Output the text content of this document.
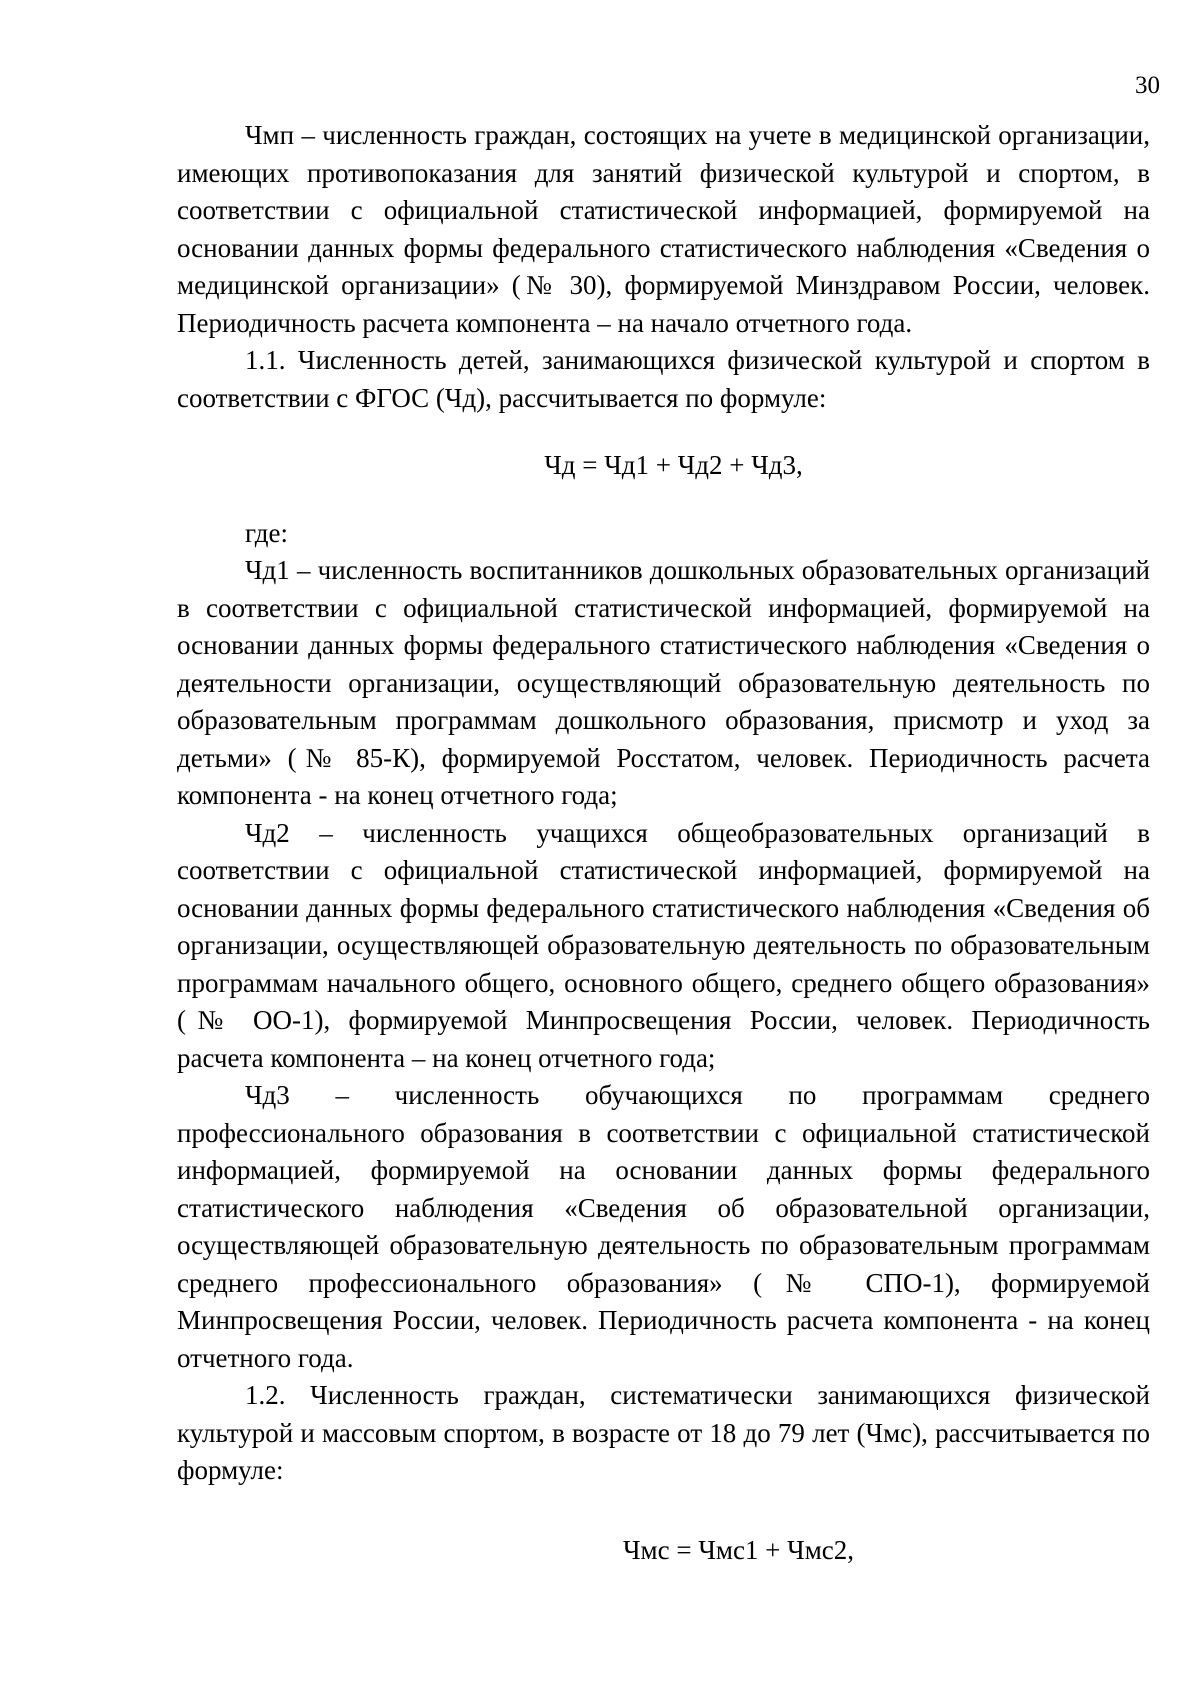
30

Чмп – численность граждан, состоящих на учете в медицинской организации, имеющих противопоказания для занятий физической культурой и спортом, в соответствии с официальной статистической информацией, формируемой на основании данных формы федерального статистического наблюдения «Сведения о медицинской организации» (№ 30), формируемой Минздравом России, человек. Периодичность расчета компонента – на начало отчетного года.

1.1. Численность детей, занимающихся физической культурой и спортом в соответствии с ФГОС (Чд), рассчитывается по формуле:

Чд = Чд1 + Чд2 + Чд3,

где:

Чд1 – численность воспитанников дошкольных образовательных организаций в соответствии с официальной статистической информацией, формируемой на основании данных формы федерального статистического наблюдения «Сведения о деятельности организации, осуществляющий образовательную деятельность по образовательным программам дошкольного образования, присмотр и уход за детьми» (№ 85-К), формируемой Росстатом, человек. Периодичность расчета компонента - на конец отчетного года;

Чд2 – численность учащихся общеобразовательных организаций в соответствии с официальной статистической информацией, формируемой на основании данных формы федерального статистического наблюдения «Сведения об организации, осуществляющей образовательную деятельность по образовательным программам начального общего, основного общего, среднего общего образования» (№ ОО-1), формируемой Минпросвещения России, человек. Периодичность расчета компонента – на конец отчетного года;

Чд3 – численность обучающихся по программам среднего профессионального образования в соответствии с официальной статистической информацией, формируемой на основании данных формы федерального статистического наблюдения «Сведения об образовательной организации, осуществляющей образовательную деятельность по образовательным программам среднего профессионального образования» (№ СПО-1), формируемой Минпросвещения России, человек. Периодичность расчета компонента - на конец отчетного года.

1.2. Численность граждан, систематически занимающихся физической культурой и массовым спортом, в возрасте от 18 до 79 лет (Чмс), рассчитывается по формуле:

Чмс = Чмс1 + Чмс2,
